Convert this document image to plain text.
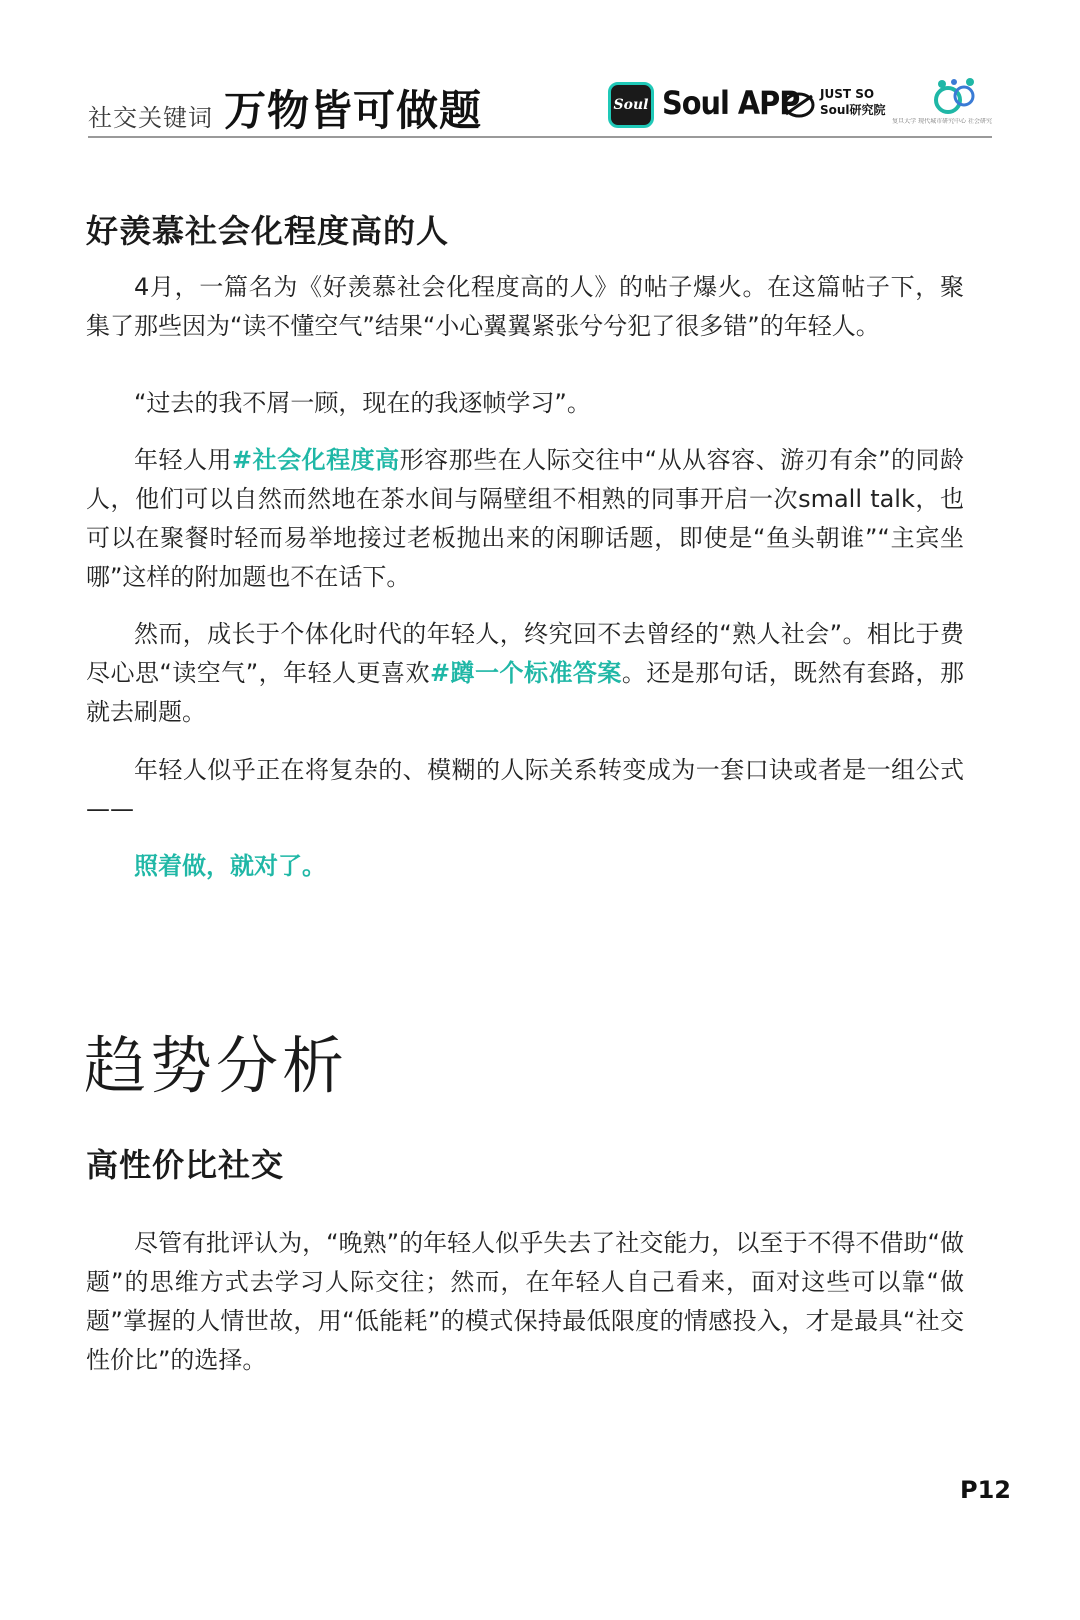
社交关键词 万物皆可做题	Soul Soul APP JUST SO
Soul研究院
复旦大学 现代城市研究中心 社会研究
好羡慕社会化程度高的人

4月，一篇名为《好羡慕社会化程度高的人》的帖子爆火。在这篇帖子下，聚集了那些因为“读不懂空气”结果“小心翼翼紧张兮兮犯了很多错”的年轻人。

“过去的我不屑一顾，现在的我逐帧学习”。

年轻人用#社会化程度高形容那些在人际交往中“从从容容、游刃有余”的同龄人，他们可以自然而然地在茶水间与隔壁组不相熟的同事开启一次small talk，也可以在聚餐时轻而易举地接过老板抛出来的闲聊话题，即使是“鱼头朝谁”“主宾坐哪”这样的附加题也不在话下。

然而，成长于个体化时代的年轻人，终究回不去曾经的“熟人社会”。相比于费尽心思“读空气”，年轻人更喜欢#蹲一个标准答案。还是那句话，既然有套路，那就去刷题。

年轻人似乎正在将复杂的、模糊的人际关系转变成为一套口诀或者是一组公式——

照着做，就对了。
趋势分析
高性价比社交

尽管有批评认为，“晚熟”的年轻人似乎失去了社交能力，以至于不得不借助“做题”的思维方式去学习人际交往；然而，在年轻人自己看来，面对这些可以靠“做题”掌握的人情世故，用“低能耗”的模式保持最低限度的情感投入，才是最具“社交性价比”的选择。

P12
